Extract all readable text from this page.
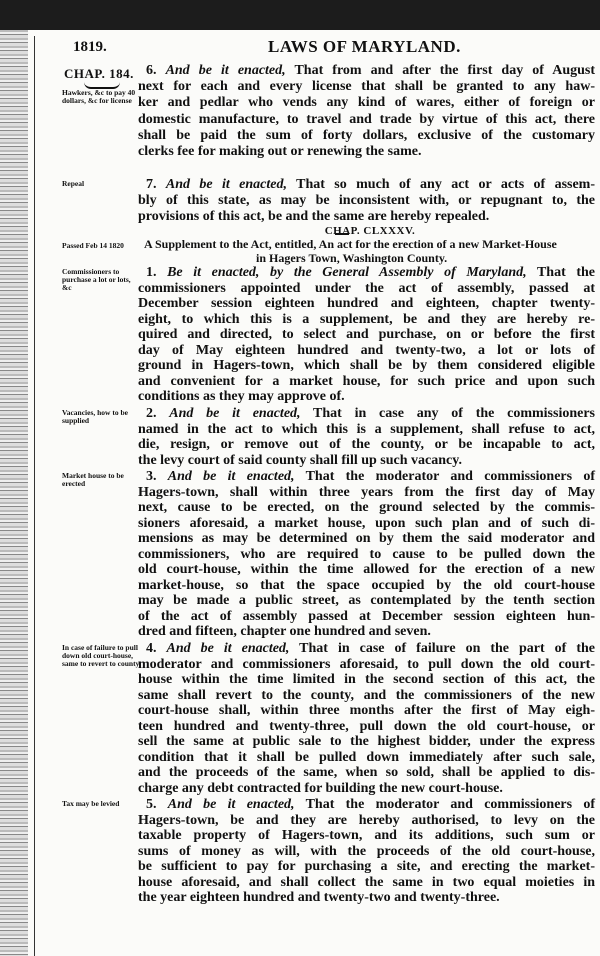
1819.	LAWS OF MARYLAND.
CHAP. 184.
CHAP. CLXXXV.
Passed Feb 14 1820 A Supplement to the Act, entitled, An act for the erection of a new Market-House
in Hagers Town, Washington County.
Hawkers, &c to pay 40 dollars, &c for license
6. And be it enacted, That from and after the first day of August
next for each and every license that shall be granted to any haw-
ker and pedlar who vends any kind of wares, either of foreign or
domestic manufacture, to travel and trade by virtue of this act, there
shall be paid the sum of forty dollars, exclusive of the customary
clerks fee for making out or renewing the same.
Repeal	7. And be it enacted, That so much of any act or acts of assem-
bly of this state, as may be inconsistent with, or repugnant to, the
provisions of this act, be and the same are hereby repealed.
Commissioners to purchase a lot or lots, &c
1. Be it enacted, by the General Assembly of Maryland, That the
commissioners appointed under the act of assembly, passed at
December session eighteen hundred and eighteen, chapter twenty-
eight, to which this is a supplement, be and they are hereby re-
quired and directed, to select and purchase, on or before the first
day of May eighteen hundred and twenty-two, a lot or lots of
ground in Hagers-town, which shall be by them considered eligible
and convenient for a market house, for such price and upon such
conditions as they may approve of.
Vacancies, how to be supplied	2. And be it enacted, That in case any of the commissioners
named in the act to which this is a supplement, shall refuse to act,
die, resign, or remove out of the county, or be incapable to act,
the levy court of said county shall fill up such vacancy.
Market house to be erected	3. And be it enacted, That the moderator and commissioners of
Hagers-town, shall within three years from the first day of May
next, cause to be erected, on the ground selected by the commis-
sioners aforesaid, a market house, upon such plan and of such di-
mensions as may be determined on by them the said moderator and
commissioners, who are required to cause to be pulled down the
old court-house, within the time allowed for the erection of a new
market-house, so that the space occupied by the old court-house
may be made a public street, as contemplated by the tenth section
of the act of assembly passed at December session eighteen hun-
dred and fifteen, chapter one hundred and seven.
In case of failure to pull down old court-house, same to revert to county
4. And be it enacted, That in case of failure on the part of the
moderator and commissioners aforesaid, to pull down the old court-
house within the time limited in the second section of this act, the
same shall revert to the county, and the commissioners of the new
court-house shall, within three months after the first of May eigh-
teen hundred and twenty-three, pull down the old court-house, or
sell the same at public sale to the highest bidder, under the express
condition that it shall be pulled down immediately after such sale,
and the proceeds of the same, when so sold, shall be applied to dis-
charge any debt contracted for building the new court-house.
Tax may be levied	5. And be it enacted, That the moderator and commissioners of
Hagers-town, be and they are hereby authorised, to levy on the
taxable property of Hagers-town, and its additions, such sum or
sums of money as will, with the proceeds of the old court-house,
be sufficient to pay for purchasing a site, and erecting the market-
house aforesaid, and shall collect the same in two equal moieties in
the year eighteen hundred and twenty-two and twenty-three.
